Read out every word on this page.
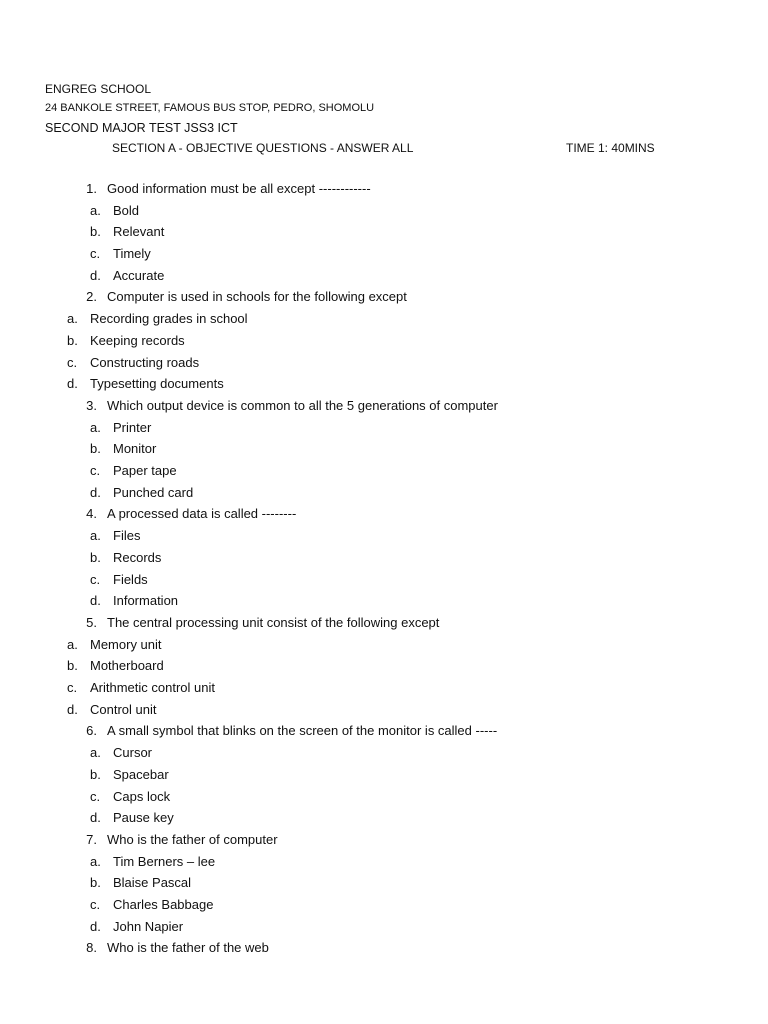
ENGREG SCHOOL
24 BANKOLE STREET, FAMOUS BUS STOP, PEDRO, SHOMOLU
SECOND MAJOR TEST JSS3 ICT
SECTION A - OBJECTIVE QUESTIONS - ANSWER ALL	TIME 1: 40MINS
1. Good information must be all except ------------
a. Bold
b. Relevant
c. Timely
d. Accurate
2. Computer is used in schools for the following except
a. Recording grades in school
b. Keeping records
c. Constructing roads
d. Typesetting documents
3. Which output device is common to all the 5 generations of computer
a. Printer
b. Monitor
c. Paper tape
d. Punched card
4. A processed data is called --------
a. Files
b. Records
c. Fields
d. Information
5. The central processing unit consist of the following except
a. Memory unit
b. Motherboard
c. Arithmetic control unit
d. Control unit
6. A small symbol that blinks on the screen of the monitor is called -----
a. Cursor
b. Spacebar
c. Caps lock
d. Pause key
7. Who is the father of computer
a. Tim Berners – lee
b. Blaise Pascal
c. Charles Babbage
d. John Napier
8. Who is the father of the web
